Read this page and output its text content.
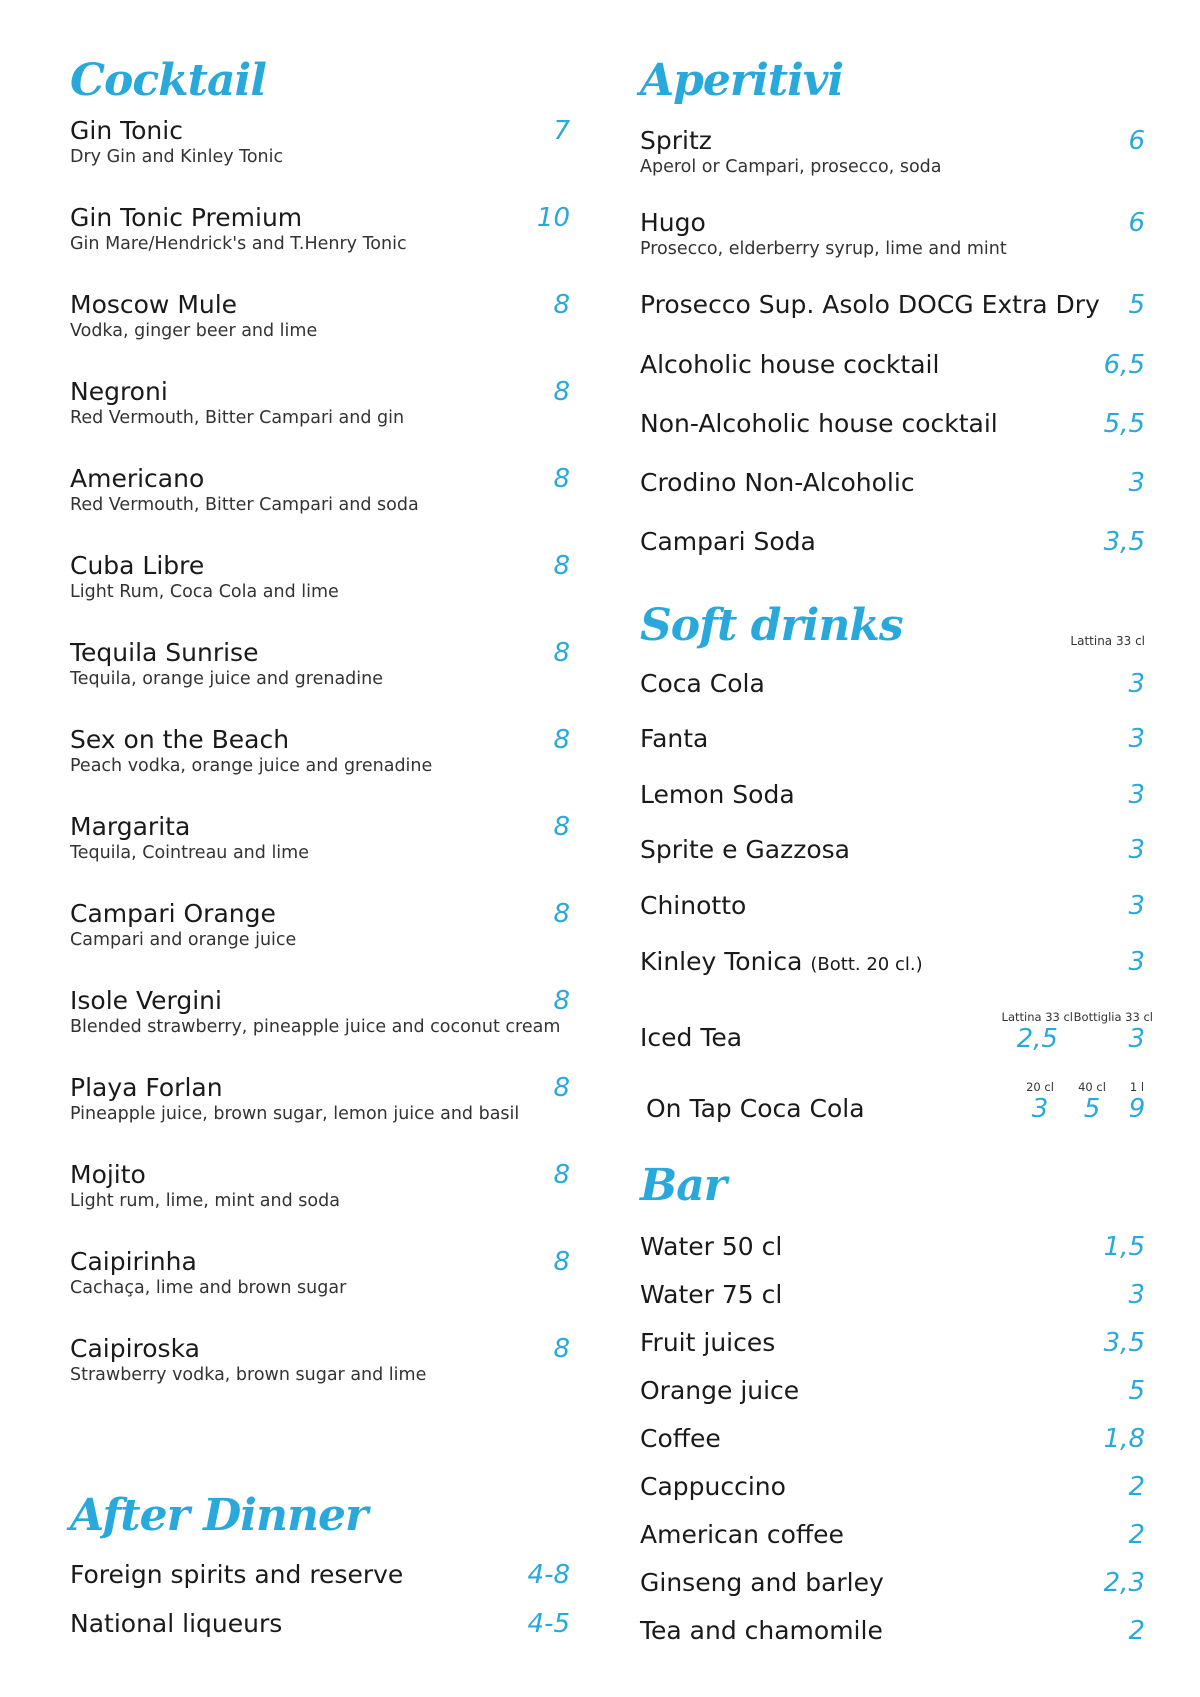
Cocktail
Gin Tonic
Dry Gin and Kinley Tonic
7
Gin Tonic Premium
Gin Mare/Hendrick's and T.Henry Tonic
10
Moscow Mule
Vodka, ginger beer and lime
8
Negroni
Red Vermouth, Bitter Campari and gin
8
Americano
Red Vermouth, Bitter Campari and soda
8
Cuba Libre
Light Rum, Coca Cola and lime
8
Tequila Sunrise
Tequila, orange juice and grenadine
8
Sex on the Beach
Peach vodka, orange juice and grenadine
8
Margarita
Tequila, Cointreau and lime
8
Campari Orange
Campari and orange juice
8
Isole Vergini
Blended strawberry, pineapple juice and coconut cream
8
Playa Forlan
Pineapple juice, brown sugar, lemon juice and basil
8
Mojito
Light rum, lime, mint and soda
8
Caipirinha
Cachaça, lime and brown sugar
8
Caipiroska
Strawberry vodka, brown sugar and lime
8
After Dinner
Foreign spirits and reserve	4-8
National liqueurs	4-5
Aperitivi
Spritz
Aperol or Campari, prosecco, soda
6
Hugo
Prosecco, elderberry syrup, lime and mint
6
Prosecco Sup. Asolo DOCG Extra Dry	5
Alcoholic house cocktail	6,5
Non-Alcoholic house cocktail	5,5
Crodino Non-Alcoholic	3
Campari Soda	3,5
Soft drinks	Lattina 33 cl
Coca Cola	3
Fanta	3
Lemon Soda	3
Sprite e Gazzosa	3
Chinotto	3
Kinley Tonica (Bott. 20 cl.)	3
Iced Tea
Lattina 33 cl
2,5
Bottiglia 33 cl
3
On Tap Coca Cola
20 cl
3
40 cl
5
1 l
9
Bar
Water 50 cl	1,5
Water 75 cl	3
Fruit juices	3,5
Orange juice	5
Coffee	1,8
Cappuccino	2
American coffee	2
Ginseng and barley	2,3
Tea and chamomile	2
